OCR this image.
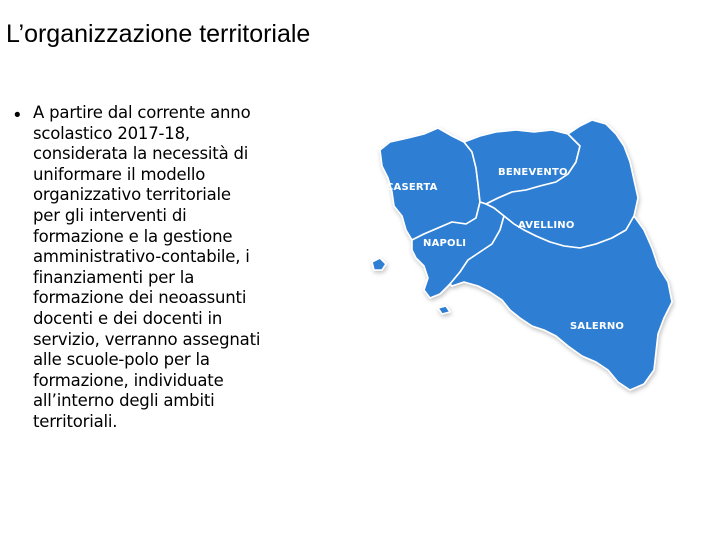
L’organizzazione territoriale
• A partire dal corrente anno
scolastico 2017-18,
considerata la necessità di
uniformare il modello
organizzativo territoriale
per gli interventi di
formazione e la gestione
amministrativo-contabile, i
finanziamenti per la
formazione dei neoassunti
docenti e dei docenti in
servizio, verranno assegnati
alle scuole-polo per la
formazione, individuate
all’interno degli ambiti
territoriali.
CASERTA
BENEVENTO
AVELLINO
NAPOLI
SALERNO
